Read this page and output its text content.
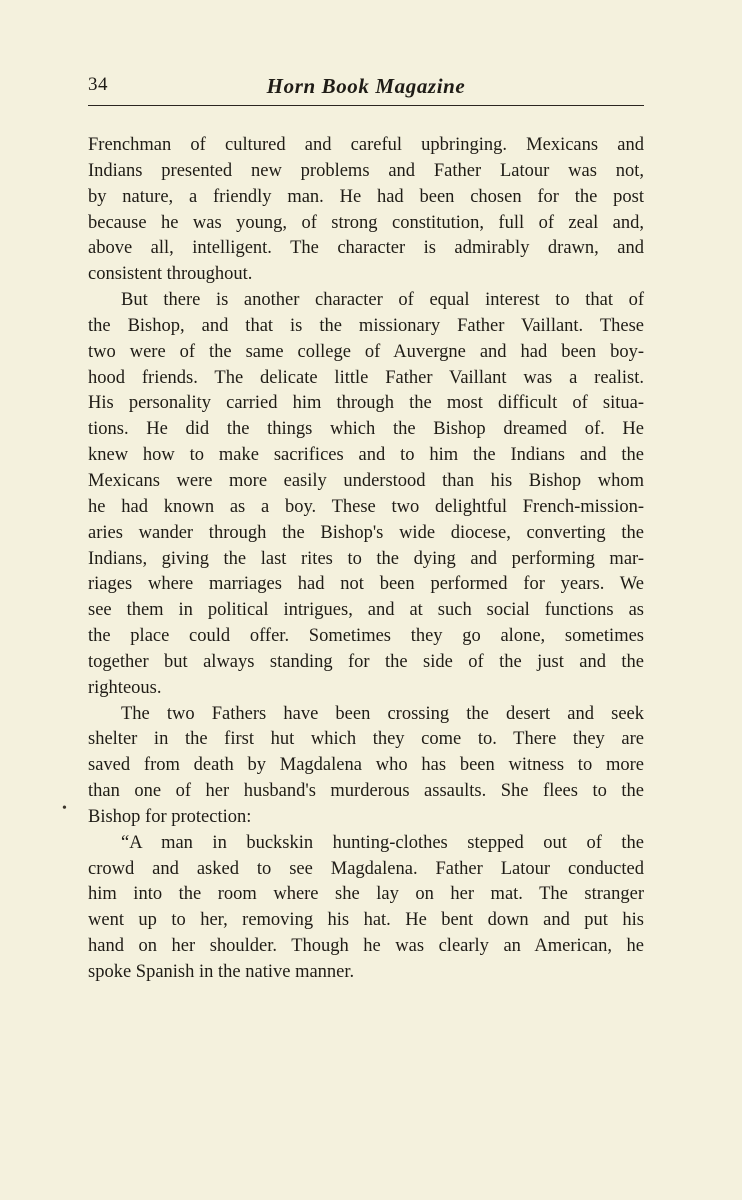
34	Horn Book Magazine
•

Frenchman of cultured and careful upbringing. Mexicans and
Indians presented new problems and Father Latour was not,
by nature, a friendly man. He had been chosen for the post
because he was young, of strong constitution, full of zeal and,
above all, intelligent. The character is admirably drawn, and
consistent throughout.

But there is another character of equal interest to that of
the Bishop, and that is the missionary Father Vaillant. These
two were of the same college of Auvergne and had been boy-
hood friends. The delicate little Father Vaillant was a realist.
His personality carried him through the most difficult of situa-
tions. He did the things which the Bishop dreamed of. He
knew how to make sacrifices and to him the Indians and the
Mexicans were more easily understood than his Bishop whom
he had known as a boy. These two delightful French-mission-
aries wander through the Bishop's wide diocese, converting the
Indians, giving the last rites to the dying and performing mar-
riages where marriages had not been performed for years. We
see them in political intrigues, and at such social functions as
the place could offer. Sometimes they go alone, sometimes
together but always standing for the side of the just and the
righteous.

The two Fathers have been crossing the desert and seek
shelter in the first hut which they come to. There they are
saved from death by Magdalena who has been witness to more
than one of her husband's murderous assaults. She flees to the
Bishop for protection:

“A man in buckskin hunting-clothes stepped out of the
crowd and asked to see Magdalena. Father Latour conducted
him into the room where she lay on her mat. The stranger
went up to her, removing his hat. He bent down and put his
hand on her shoulder. Though he was clearly an American, he
spoke Spanish in the native manner.
